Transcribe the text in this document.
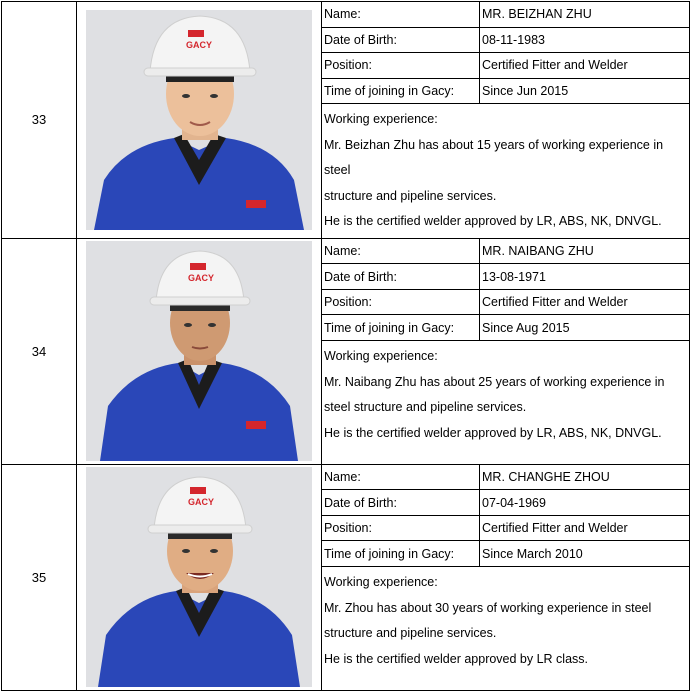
33	GACY	Name:	MR. BEIZHAN ZHU
		Date of Birth:	08-11-1983
		Position:	Certified Fitter and Welder
		Time of joining in Gacy:	Since Jun 2015

		Working experience:
Mr. Beizhan Zhu has about 15 years of working experience in steel
structure and pipeline services.
He is the certified welder approved by LR, ABS, NK, DNVGL.	

34	GACY	Name:	MR. NAIBANG ZHU
		Date of Birth:	13-08-1971
		Position:	Certified Fitter and Welder
		Time of joining in Gacy:	Since Aug 2015

		Working experience:
Mr. Naibang Zhu has about 25 years of working experience in
steel structure and pipeline services.
He is the certified welder approved by LR, ABS, NK, DNVGL.	

35	GACY	Name:	MR. CHANGHE ZHOU
		Date of Birth:	07-04-1969
		Position:	Certified Fitter and Welder
		Time of joining in Gacy:	Since March 2010

		Working experience:
Mr. Zhou has about 30 years of working experience in steel
structure and pipeline services.
He is the certified welder approved by LR class.	
